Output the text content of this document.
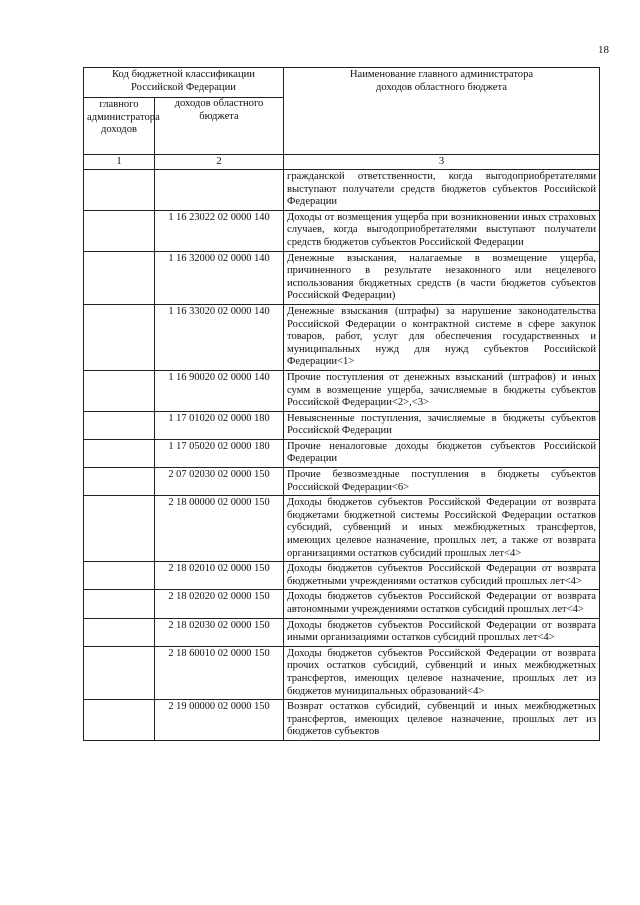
18
Код бюджетной классификации Российской Федерации		Наименование главного администратора доходов областного бюджета

главного администратора доходов	доходов областного бюджета	
1	2	3
		гражданской ответственности, когда выгодоприобретателями выступают получатели средств бюджетов субъектов Российской Федерации
	1 16 23022 02 0000 140	Доходы от возмещения ущерба при возникновении иных страховых случаев, когда выгодоприобретателями выступают получатели средств бюджетов субъектов Российской Федерации
	1 16 32000 02 0000 140	Денежные взыскания, налагаемые в возмещение ущерба, причиненного в результате незаконного или нецелевого использования бюджетных средств (в части бюджетов субъектов Российской Федерации)
	1 16 33020 02 0000 140	Денежные взыскания (штрафы) за нарушение законодательства Российской Федерации о контрактной системе в сфере закупок товаров, работ, услуг для обеспечения государственных и муниципальных нужд для нужд субъектов Российской Федерации<1>
	1 16 90020 02 0000 140	Прочие поступления от денежных взысканий (штрафов) и иных сумм в возмещение ущерба, зачисляемые в бюджеты субъектов Российской Федерации<2>,<3>
	1 17 01020 02 0000 180	Невыясненные поступления, зачисляемые в бюджеты субъектов Российской Федерации
	1 17 05020 02 0000 180	Прочие неналоговые доходы бюджетов субъектов Российской Федерации
	2 07 02030 02 0000 150	Прочие безвозмездные поступления в бюджеты субъектов Российской Федерации<6>
	2 18 00000 02 0000 150	Доходы бюджетов субъектов Российской Федерации от возврата бюджетами бюджетной системы Российской Федерации остатков субсидий, субвенций и иных межбюджетных трансфертов, имеющих целевое назначение, прошлых лет, а также от возврата организациями остатков субсидий прошлых лет<4>
	2 18 02010 02 0000 150	Доходы бюджетов субъектов Российской Федерации от возврата бюджетными учреждениями остатков субсидий прошлых лет<4>
	2 18 02020 02 0000 150	Доходы бюджетов субъектов Российской Федерации от возврата автономными учреждениями остатков субсидий прошлых лет<4>
	2 18 02030 02 0000 150	Доходы бюджетов субъектов Российской Федерации от возврата иными организациями остатков субсидий прошлых лет<4>
	2 18 60010 02 0000 150	Доходы бюджетов субъектов Российской Федерации от возврата прочих остатков субсидий, субвенций и иных межбюджетных трансфертов, имеющих целевое назначение, прошлых лет из бюджетов муниципальных образований<4>
	2 19 00000 02 0000 150	Возврат остатков субсидий, субвенций и иных межбюджетных трансфертов, имеющих целевое назначение, прошлых лет из бюджетов субъектов
